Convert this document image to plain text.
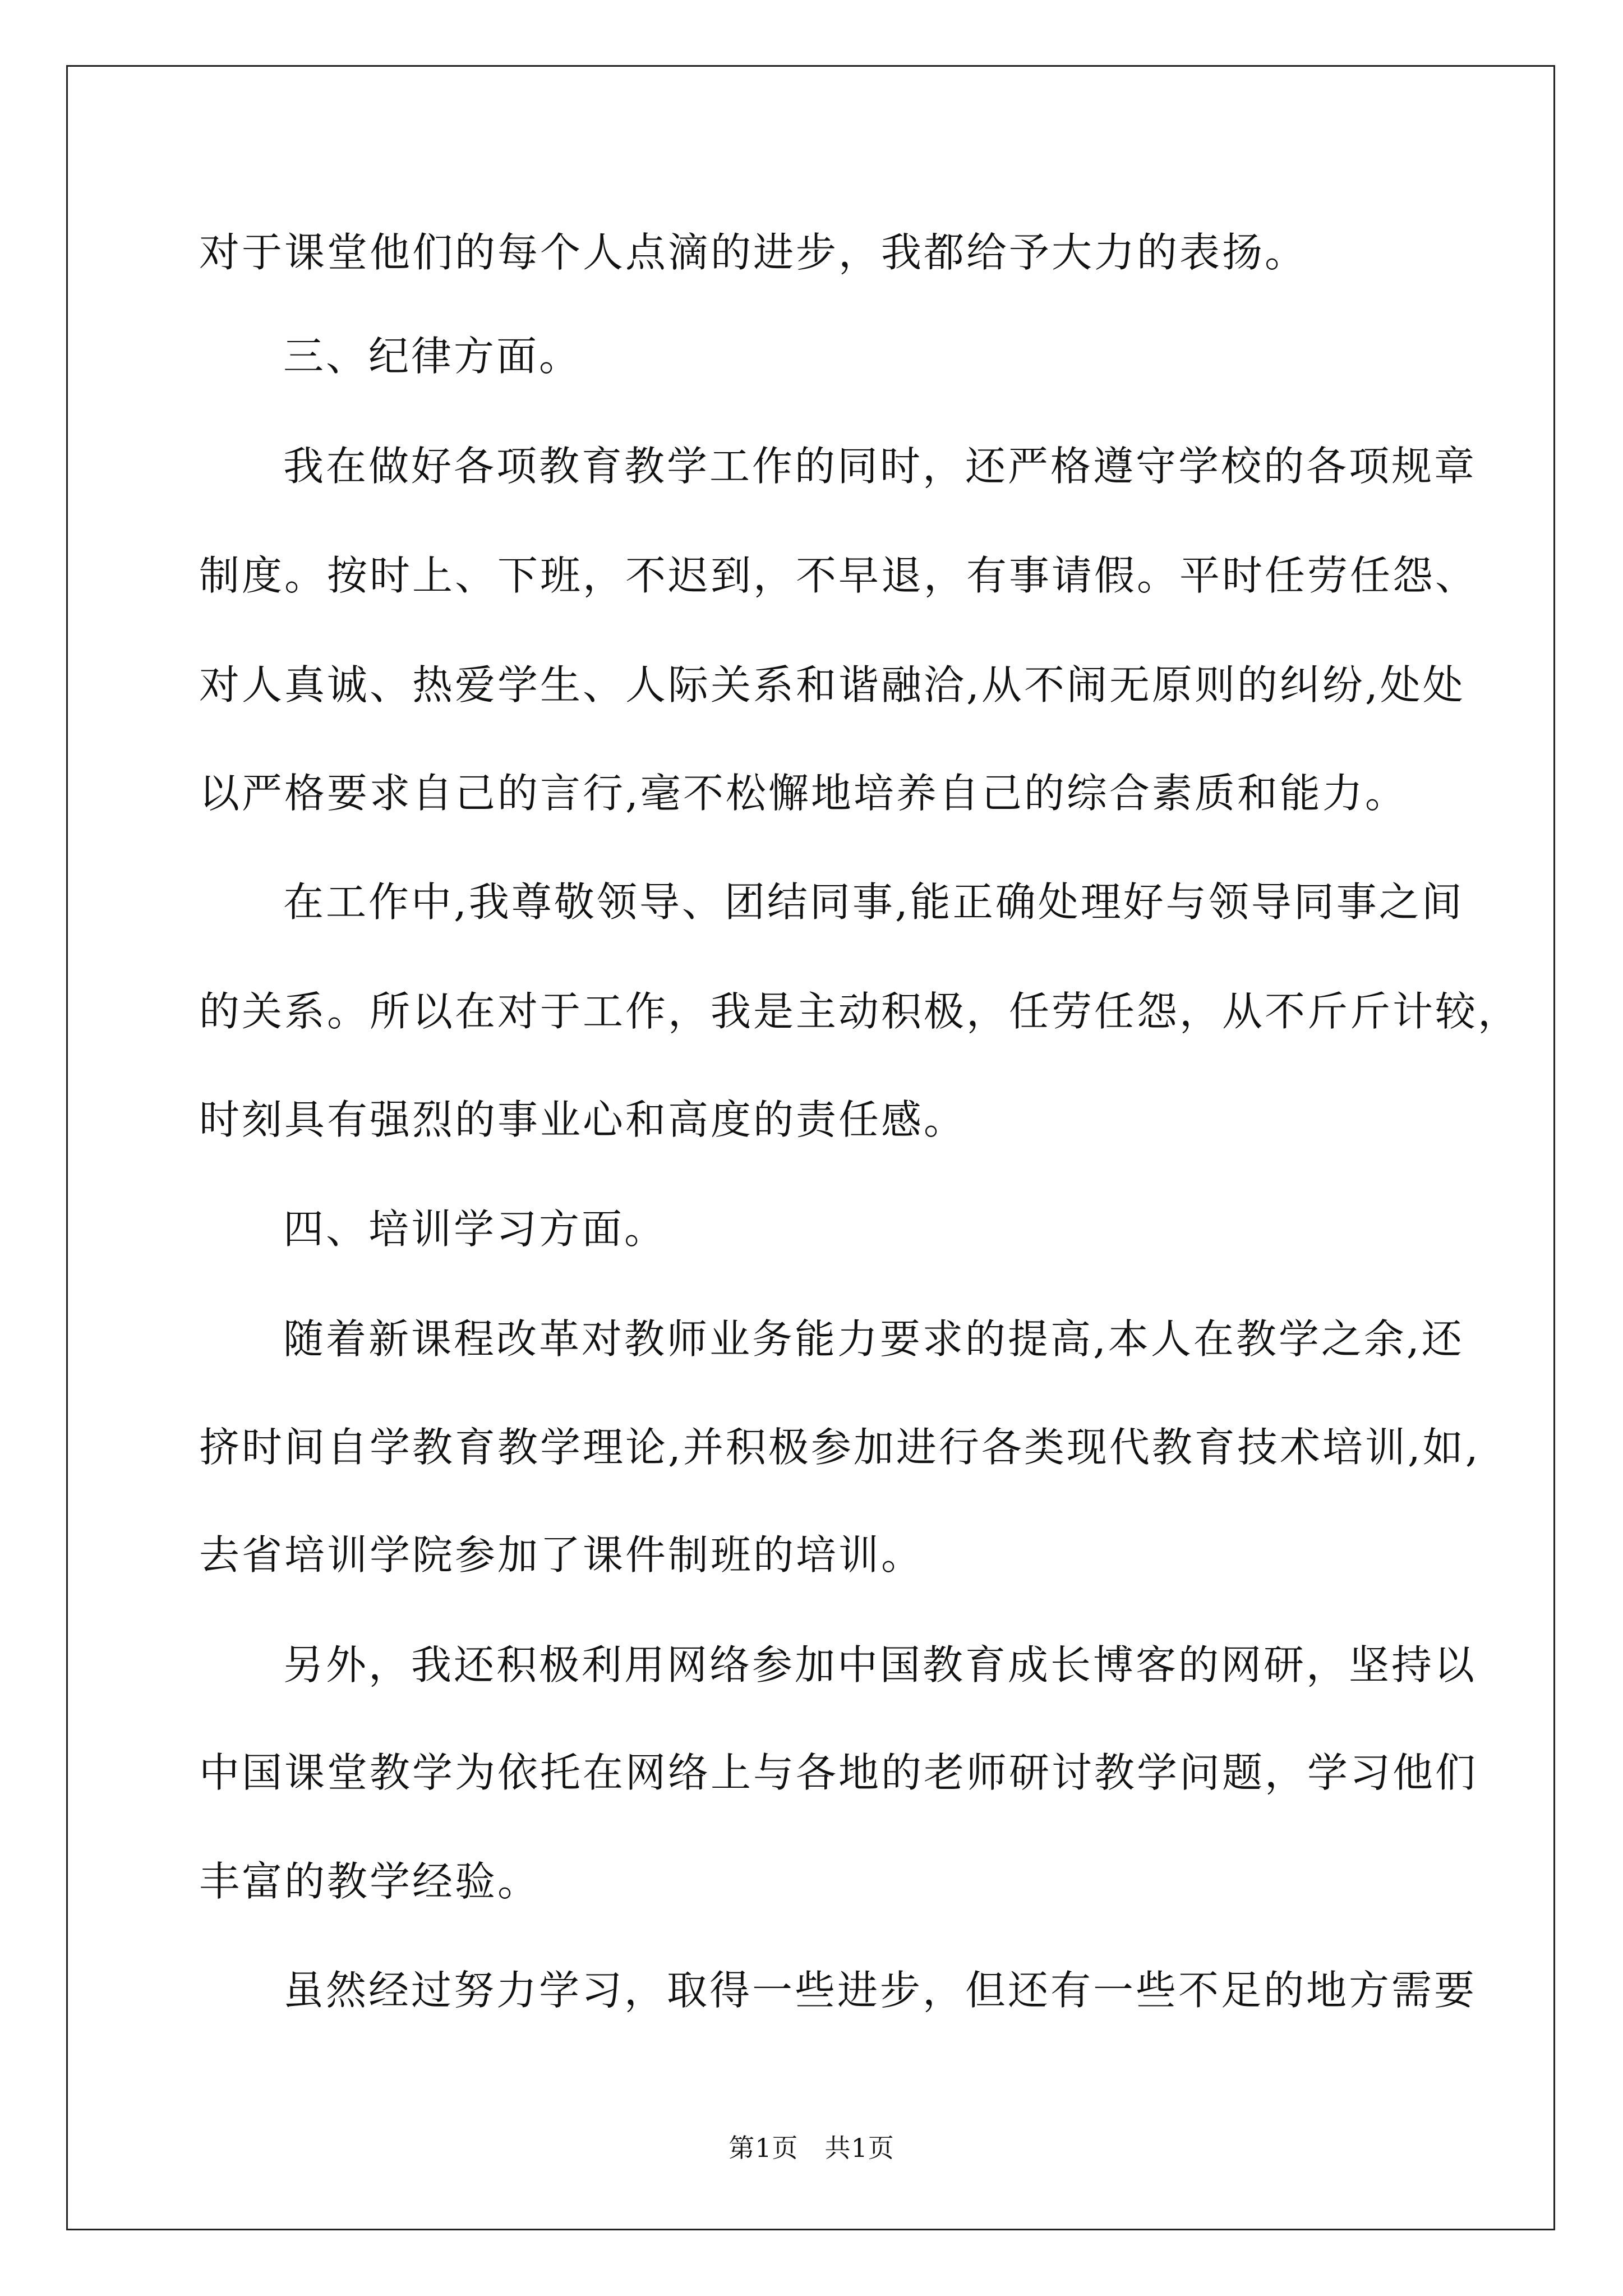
对于课堂他们的每个人点滴的进步，我都给予大力的表扬。
三、纪律方面。
我在做好各项教育教学工作的同时，还严格遵守学校的各项规章
制度。按时上、下班，不迟到，不早退，有事请假。平时任劳任怨、
对人真诚、热爱学生、人际关系和谐融洽,从不闹无原则的纠纷,处处
以严格要求自己的言行,毫不松懈地培养自己的综合素质和能力。
在工作中,我尊敬领导、团结同事,能正确处理好与领导同事之间
的关系。所以在对于工作，我是主动积极，任劳任怨，从不斤斤计较，
时刻具有强烈的事业心和高度的责任感。
四、培训学习方面。
随着新课程改革对教师业务能力要求的提高,本人在教学之余,还
挤时间自学教育教学理论,并积极参加进行各类现代教育技术培训,如,
去省培训学院参加了课件制班的培训。
另外，我还积极利用网络参加中国教育成长博客的网研，坚持以
中国课堂教学为依托在网络上与各地的老师研讨教学问题，学习他们
丰富的教学经验。
虽然经过努力学习，取得一些进步，但还有一些不足的地方需要
第1页　共1页
